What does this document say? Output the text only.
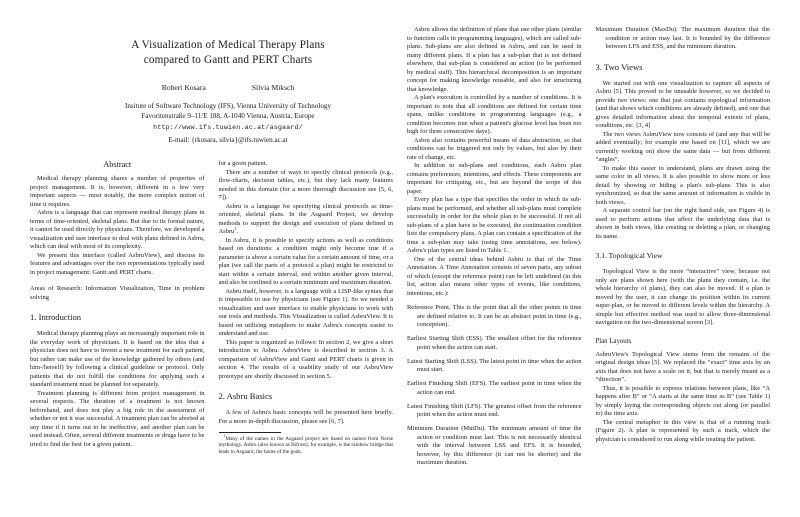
A Visualization of Medical Therapy Plans
compared to Gantt and PERT Charts
Robert Kosara	Silvia Miksch
Insitute of Software Technology (IFS), Vienna University of Technology
Favoritenstraße 9–11/E 188, A-1040 Vienna, Austria, Europe
http://www.ifs.tuwien.ac.at/asgaard/
E-mail: {rkosara, silvia}@ifs.tuwien.ac.at
Abstract

Medical therapy planning shares a number of properties of project management. It is, however, different in a few very important aspects — most notably, the more complex notion of time it requires.

Asbru is a language that can represent medical therapy plans in terms of time-oriented, skeletal plans. But due to its formal nature, it cannot be used directly by physicians. Therefore, we developed a visualization and user interface to deal with plans defined in Asbru, which can deal with most of its complexity.

We present this interface (called AsbruView), and discuss its features and advantages over the two representations typically used in project management: Gantt and PERT charts.

Areas of Research: Information Visualization, Time in problem solving

1. Introduction

Medical therapy planning plays an increasingly important role in the everyday work of physicians. It is based on the idea that a physician does not have to invent a new treatment for each patient, but rather can make use of the knowledge gathered by others (and him-/herself) by following a clinical guideline or protocol. Only patients that do not fulfill the conditions for applying such a standard treatment must be planned for separately.

Treatment planning is different from project management in several respects. The duration of a treatment is not known beforehand, and does not play a big role in the assessment of whether or not it was successful. A treatment plan can be aborted at any time if it turns out to be ineffective, and another plan can be used instead. Often, several different treatments or drugs have to be tried to find the best for a given patient.

for a given patient.

There are a number of ways to specify clinical protocols (e.g., flow-charts, decision tables, etc.), but they lack many features needed in this domain (for a more thorough discussion see [5, 6, 7]).

Asbru is a language for specifying clinical protocols as time-oriented, skeletal plans. In the Asgaard Project, we develop methods to support the design and execution of plans defined in Asbru$^1$.

In Asbru, it is possible to specify actions as well as conditions based on durations: a condition might only become true if a parameter is above a certain value for a certain amount of time, or a plan (we call the parts of a protocol a plan) might be restricted to start within a certain interval, end within another given interval, and also be confined to a certain minimum and maximum duration.

Asbru itself, however, is a language with a LISP-like syntax that is impossible to use by physicians (see Figure 1). So we needed a visualization and user interface to enable physicians to work with our tools and methods. This Visualization is called AsbruView. It is based on utilizing metaphors to make Asbru's concepts easier to understand and use.

This paper is organized as follows: In section 2, we give a short introduction to Asbru. AsbruView is described in section 3. A comparison of AsbruView and Gantt and PERT charts is given in section 4. The results of a usability study of our AsbruView prototype are shortly discussed in section 5.

2. Asbru Basics

A few of Asbru's basic concepts will be presented here briefly. For a more in-depth discussion, please see [6, 7].

$^1$Many of the names in the Asgaard project are based on names from Norse mythology. Asbru (also known as Bifrost), for example, is the rainbow bridge that leads to Asgaard, the home of the gods.

Asbru allows the definition of plans that use other plans (similar to function calls in programming languages), which are called sub-plans. Sub-plans are also defined in Asbru, and can be used in many different plans. If a plan has a sub-plan that is not defined elsewhere, that sub-plan is considered an action (to be performed by medical staff). This hierarchical decomposition is an important concept for making knowledge reusable, and also for structuring that knowledge.

A plan's execution is controlled by a number of conditions. It is important to note that all conditions are defined for certain time spans, unlike conditions in programming languages (e.g., a condition becomes true when a patient's glucose level has been too high for three consecutive days).

Asbru also contains powerful means of data abstraction, so that conditions can be triggered not only by values, but also by their rate of change, etc.

In addition to sub-plans and conditions, each Asbru plan contains preferences, intentions, and effects. These components are important for critiquing, etc., but are beyond the scope of this paper.

Every plan has a type that specifies the order in which its sub-plans must be performed, and whether all sub-plans must complete successfully in order for the whole plan to be successful. If not all sub-plans of a plan have to be executed, the continuation condition lists the compulsory plans. A plan can contain a specification of the time a sub-plan may take (using time annotations, see below). Asbru's plan types are listed in Table 1.

One of the central ideas behind Asbru is that of the Time Annotation. A Time Annotation consists of seven parts, any subset of which (except the reference point) can be left undefined (in this list, action also means other types of events, like conditions, intentions, etc.):

Reference Point. This is the point that all the other points in time are defined relative to. It can be an abstract point in time (e.g., conception).
Earliest Starting Shift (ESS). The smallest offset for the reference point when the action can start.
Latest Starting Shift (LSS). The latest point in time when the action must start.
Earliest Finishing Shift (EFS). The earliest point in time when the action can end.
Latest Finishing Shift (LFS). The greatest offset from the reference point when the action must end.
Minimum Duration (MinDu). The minimum amount of time the action or condition must last. This is not necessarily identical with the interval between LSS and EFS. It is bounded, however, by this difference (it can not be shorter) and the maximum duration.
Maximum Duration (MaxDu). The maximum duration that the condition or action may last. It is bounded by the difference between LFS and ESS, and the minimum duration.
3. Two Views

We started out with one visualization to capture all aspects of Asbru [5]. This proved to be unusable however, so we decided to provide two views: one that just contains topological information (and that shows which conditions are already defined), and one that gives detailed information about the temporal extents of plans, conditions, etc. [3, 4]

The two views AsbruView now consists of (and any that will be added eventually; for example one based on [11], which we are currently working on) show the same data — but from different “angles”.

To make this easier to understand, plans are drawn using the same color in all views. It is also possible to show more or less detail by showing or hiding a plan's sub-plans. This is also synchronized, so that the same amount of information is visible in both views.

A separate control bar (on the right hand side, see Figure 4) is used to perform actions that affect the underlying data that is shown in both views, like creating or deleting a plan, or changing its name.

3.1. Topological View

Topological View is the more “interactive” view, because not only are plans shown here (with the plans they contain, i.e. the whole hierarchy of plans), they can also be moved. If a plan is moved by the user, it can change its position within its current super-plan, or be moved to different levels within the hierarchy. A simple but effective method was used to allow three-dimensional navigation on the two-dimensional screen [3].

Plan Layouts

AsbruView's Topological View stems from the remains of the original design ideas [5]. We replaced the “exact” time axis by an axis that does not have a scale on it, but that is merely meant as a “direction”.

Thus, it is possible to express relations between plans, like “A happens after B” or “A starts at the same time as B” (see Table 1) by simply laying the corresponding objects out along (or parallel to) the time axis.

The central metaphor in this view is that of a running track (Figure 2). A plan is represented by such a track, which the physician is considered to run along while treating the patient.
